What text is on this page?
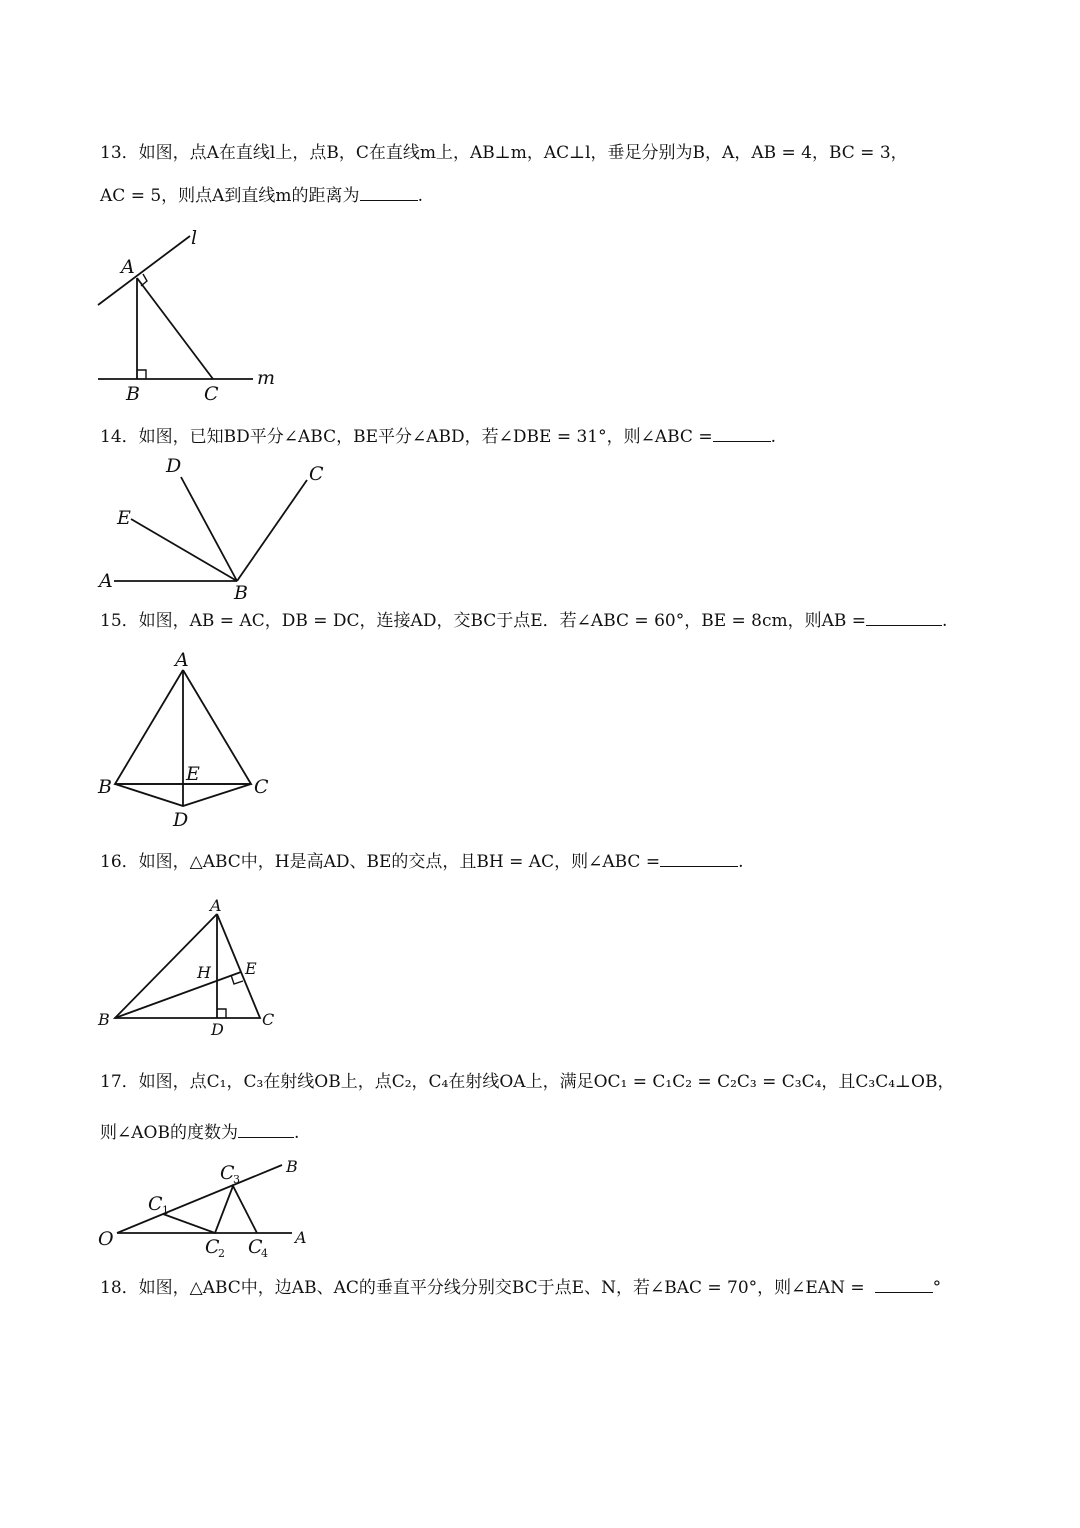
13．如图，点A在直线l上，点B，C在直线m上，AB⊥m，AC⊥l，垂足分别为B，A，AB = 4，BC = 3，
AC = 5，则点A到直线m的距离为	.
l
A
B	C
m
14．如图，已知BD平分∠ABC，BE平分∠ABD，若∠DBE = 31°，则∠ABC =	.
D	C
E
A
B
15．如图，AB = AC，DB = DC，连接AD，交BC于点E．若∠ABC = 60°，BE = 8cm，则AB =	.
A
B
E
C
D
16．如图，△ABC中，H是高AD、BE的交点，且BH = AC，则∠ABC =	.
A
H E
B
D
C
17．如图，点C₁，C₃在射线OB上，点C₂，C₄在射线OA上，满足OC₁ = C₁C₂ = C₂C₃ = C₃C₄，且C₃C₄⊥OB，
则∠AOB的度数为	.
O	A
B
C 1
C
2
C
3
C
4
18．如图，△ABC中，边AB、AC的垂直平分线分别交BC于点E、N，若∠BAC = 70°，则∠EAN =	°
